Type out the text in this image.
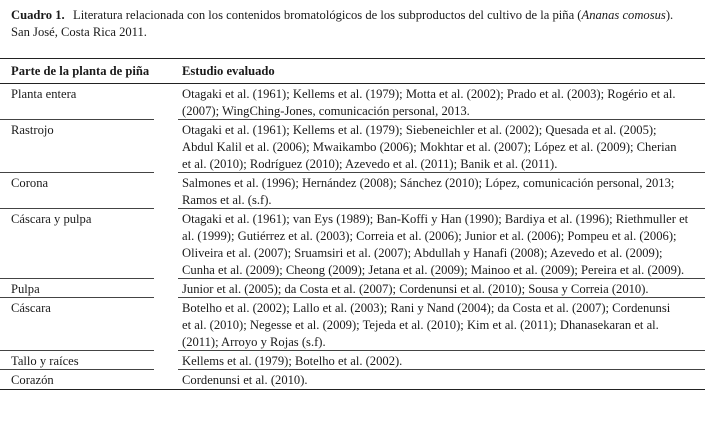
Cuadro 1. Literatura relacionada con los contenidos bromatológicos de los subproductos del cultivo de la piña (Ananas comosus).
San José, Costa Rica 2011.
Parte de la planta de piña	Estudio evaluado
Planta entera	Otagaki et al. (1961); Kellems et al. (1979); Motta et al. (2002); Prado et al. (2003); Rogério et al.
(2007); WingChing-Jones, comunicación personal, 2013.
Rastrojo	Otagaki et al. (1961); Kellems et al. (1979); Siebeneichler et al. (2002); Quesada et al. (2005);
Abdul Kalil et al. (2006); Mwaikambo (2006); Mokhtar et al. (2007); López et al. (2009); Cherian
et al. (2010); Rodríguez (2010); Azevedo et al. (2011); Banik et al. (2011).
Corona	Salmones et al. (1996); Hernández (2008); Sánchez (2010); López, comunicación personal, 2013;
Ramos et al. (s.f).
Cáscara y pulpa	Otagaki et al. (1961); van Eys (1989); Ban-Koffi y Han (1990); Bardiya et al. (1996); Riethmuller et
al. (1999); Gutiérrez et al. (2003); Correia et al. (2006); Junior et al. (2006); Pompeu et al. (2006);
Oliveira et al. (2007); Sruamsiri et al. (2007); Abdullah y Hanafi (2008); Azevedo et al. (2009);
Cunha et al. (2009); Cheong (2009); Jetana et al. (2009); Mainoo et al. (2009); Pereira et al. (2009).
Pulpa	Junior et al. (2005); da Costa et al. (2007); Cordenunsi et al. (2010); Sousa y Correia (2010).
Cáscara	Botelho et al. (2002); Lallo et al. (2003); Rani y Nand (2004); da Costa et al. (2007); Cordenunsi
et al. (2010); Negesse et al. (2009); Tejeda et al. (2010); Kim et al. (2011); Dhanasekaran et al.
(2011); Arroyo y Rojas (s.f).
Tallo y raíces	Kellems et al. (1979); Botelho et al. (2002).
Corazón	Cordenunsi et al. (2010).
